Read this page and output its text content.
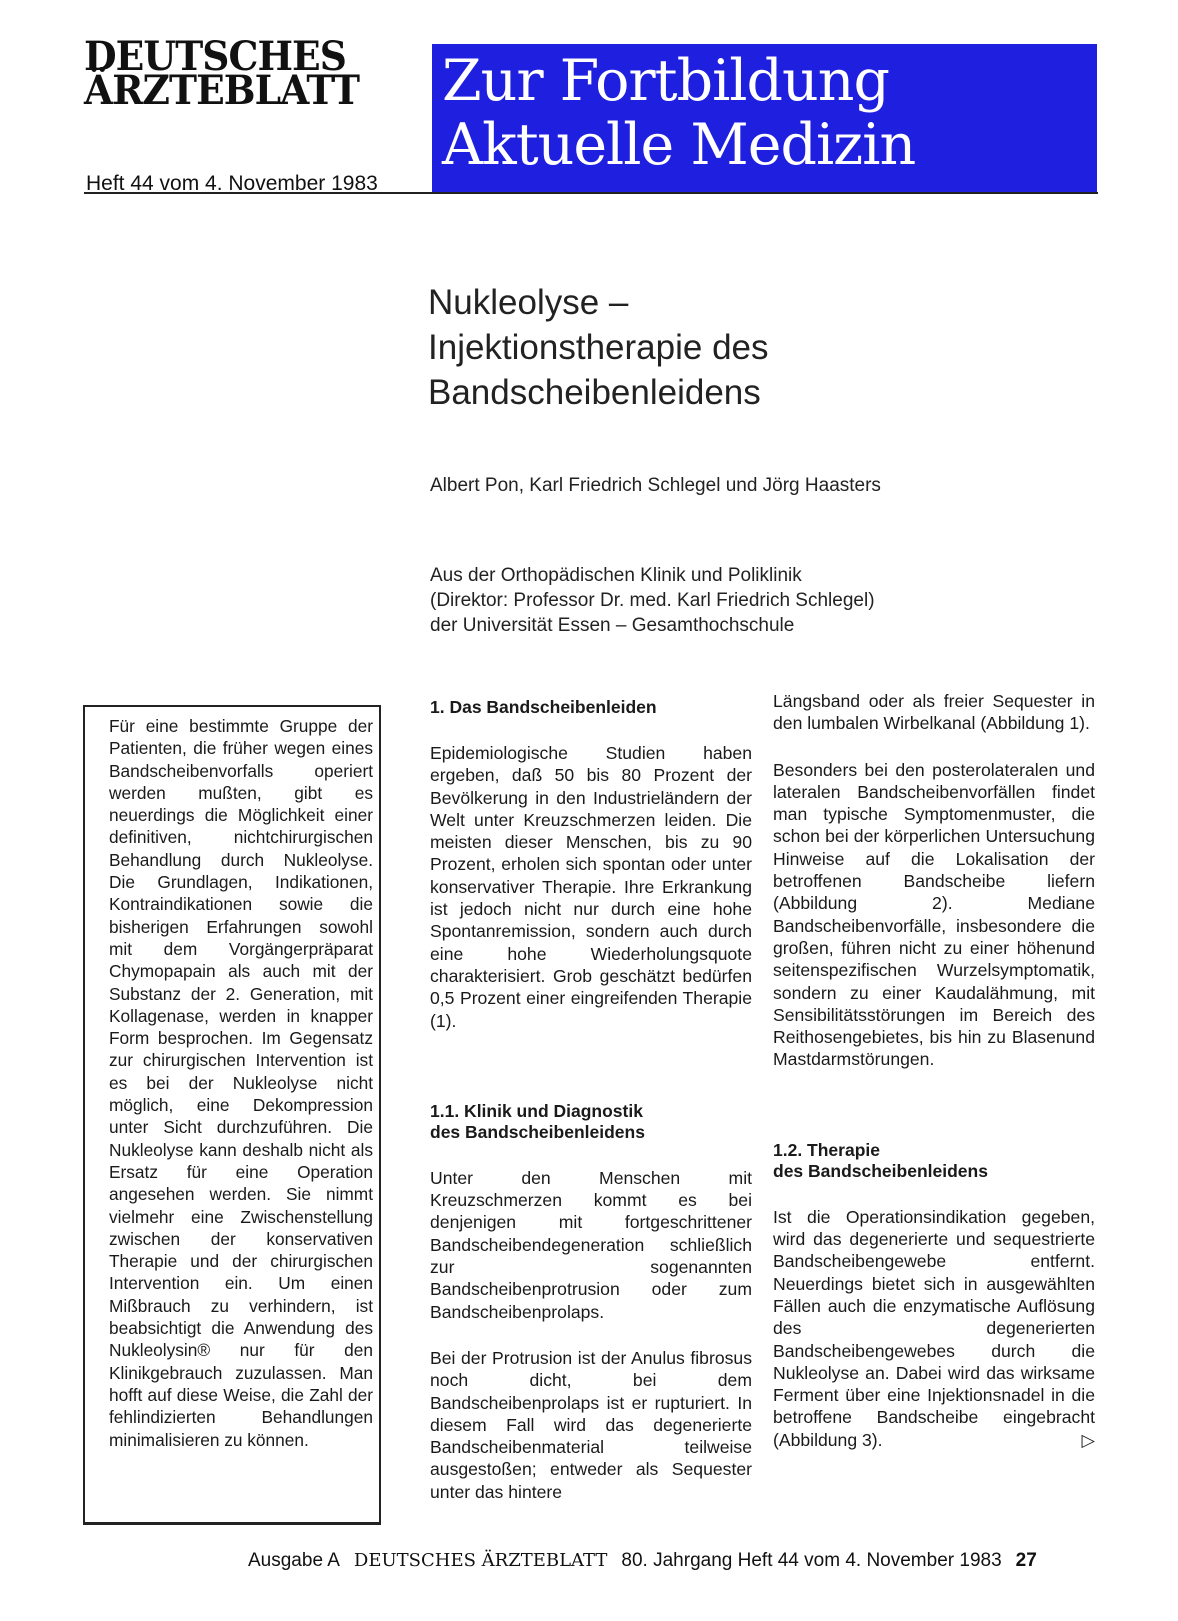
DEUTSCHES
ÄRZTEBLATT
Heft 44 vom 4. November 1983
Zur Fortbildung
Aktuelle Medizin
Nukleolyse –
Injektionstherapie des
Bandscheibenleidens
Albert Pon, Karl Friedrich Schlegel und Jörg Haasters
Aus der Orthopädischen Klinik und Poliklinik
(Direktor: Professor Dr. med. Karl Friedrich Schlegel)
der Universität Essen – Gesamthochschule

Für eine bestimmte Gruppe der Patienten, die früher wegen eines Bandscheibenvorfalls operiert werden mußten, gibt es neuerdings die Möglichkeit einer definitiven, nichtchirurgischen Behandlung durch Nukleolyse. Die Grundlagen, Indikationen, Kontraindikationen sowie die bisherigen Erfahrungen sowohl mit dem Vorgängerpräparat Chymopapain als auch mit der Substanz der 2. Generation, mit Kollagenase, werden in knapper Form besprochen. Im Gegensatz zur chirurgischen Intervention ist es bei der Nukleolyse nicht möglich, eine Dekompression unter Sicht durchzuführen. Die Nukleolyse kann deshalb nicht als Ersatz für eine Operation angesehen werden. Sie nimmt vielmehr eine Zwischenstellung zwischen der konservativen Therapie und der chirurgischen Intervention ein. Um einen Mißbrauch zu verhindern, ist beabsichtigt die Anwendung des Nukleolysin® nur für den Klinikgebrauch zuzulassen. Man hofft auf diese Weise, die Zahl der fehlindizierten Behandlungen minimalisieren zu können.

1. Das Bandscheibenleiden

Epidemiologische Studien haben ergeben, daß 50 bis 80 Prozent der Bevölkerung in den Industrieländern der Welt unter Kreuzschmerzen leiden. Die meisten dieser Menschen, bis zu 90 Prozent, erholen sich spontan oder unter konservativer Therapie. Ihre Erkrankung ist jedoch nicht nur durch eine hohe Spontanremission, sondern auch durch eine hohe Wiederholungsquote charakterisiert. Grob geschätzt bedürfen 0,5 Prozent einer eingreifenden Therapie (1).

1.1. Klinik und Diagnostik
des Bandscheibenleidens

Unter den Menschen mit Kreuzschmerzen kommt es bei denjenigen mit fortgeschrittener Bandscheibendegeneration schließlich zur sogenannten Bandscheibenprotrusion oder zum Bandscheibenprolaps.

Bei der Protrusion ist der Anulus fibrosus noch dicht, bei dem Bandscheibenprolaps ist er rupturiert. In diesem Fall wird das degenerierte Bandscheibenmaterial teilweise ausgestoßen; entweder als Sequester unter das hintere

Längsband oder als freier Sequester in den lumbalen Wirbelkanal (Abbildung 1).

Besonders bei den posterolateralen und lateralen Bandscheibenvorfällen findet man typische Symptomenmuster, die schon bei der körperlichen Untersuchung Hinweise auf die Lokalisation der betroffenen Bandscheibe liefern (Abbildung 2). Mediane Bandscheibenvorfälle, insbesondere die großen, führen nicht zu einer höhenund seitenspezifischen Wurzelsymptomatik, sondern zu einer Kaudalähmung, mit Sensibilitätsstörungen im Bereich des Reithosengebietes, bis hin zu Blasenund Mastdarmstörungen.

1.2. Therapie
des Bandscheibenleidens

Ist die Operationsindikation gegeben, wird das degenerierte und sequestrierte Bandscheibengewebe entfernt. Neuerdings bietet sich in ausgewählten Fällen auch die enzymatische Auflösung des degenerierten Bandscheibengewebes durch die Nukleolyse an. Dabei wird das wirksame Ferment über eine Injektionsnadel in die betroffene Bandscheibe eingebracht (Abbildung 3).	▷

Ausgabe A DEUTSCHES ÄRZTEBLATT 80. Jahrgang Heft 44 vom 4. November 1983 27
